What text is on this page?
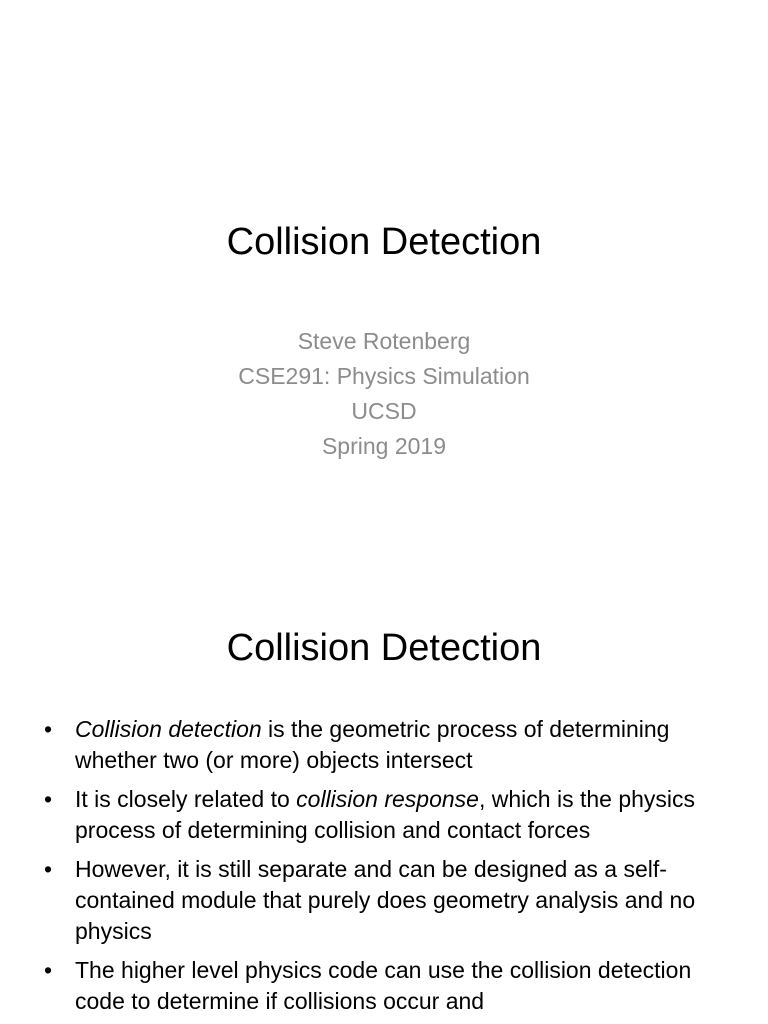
Collision Detection
Steve Rotenberg
CSE291: Physics Simulation
UCSD
Spring 2019
Collision Detection
• Collision detection is the geometric process of determining whether two (or more) objects intersect
• It is closely related to collision response, which is the physics process of determining collision and contact forces
• However, it is still separate and can be designed as a self-contained module that purely does geometry analysis and no physics
• The higher level physics code can use the collision detection code to determine if collisions occur and
